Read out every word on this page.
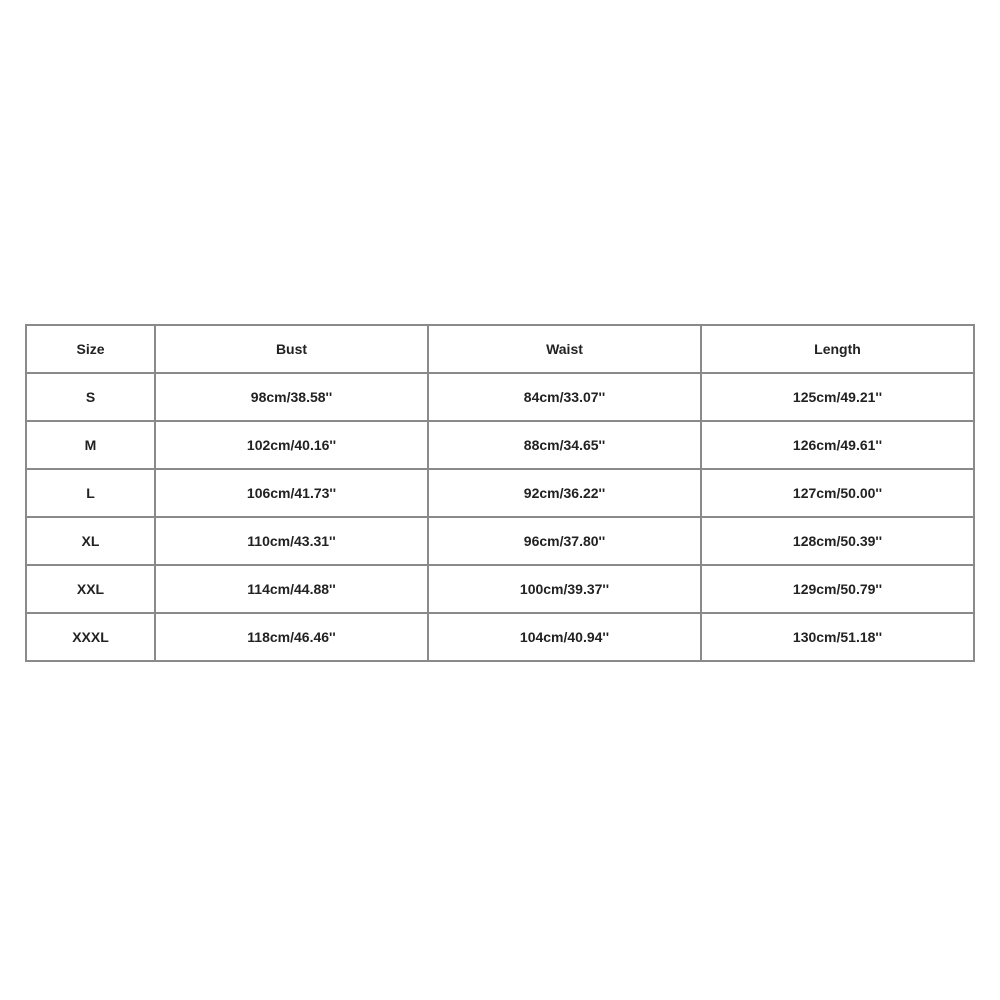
Size	Bust	Waist	Length
S	98cm/38.58''	84cm/33.07''	125cm/49.21''
M	102cm/40.16''	88cm/34.65''	126cm/49.61''
L	106cm/41.73''	92cm/36.22''	127cm/50.00''
XL	110cm/43.31''	96cm/37.80''	128cm/50.39''
XXL	114cm/44.88''	100cm/39.37''	129cm/50.79''
XXXL	118cm/46.46''	104cm/40.94''	130cm/51.18''
